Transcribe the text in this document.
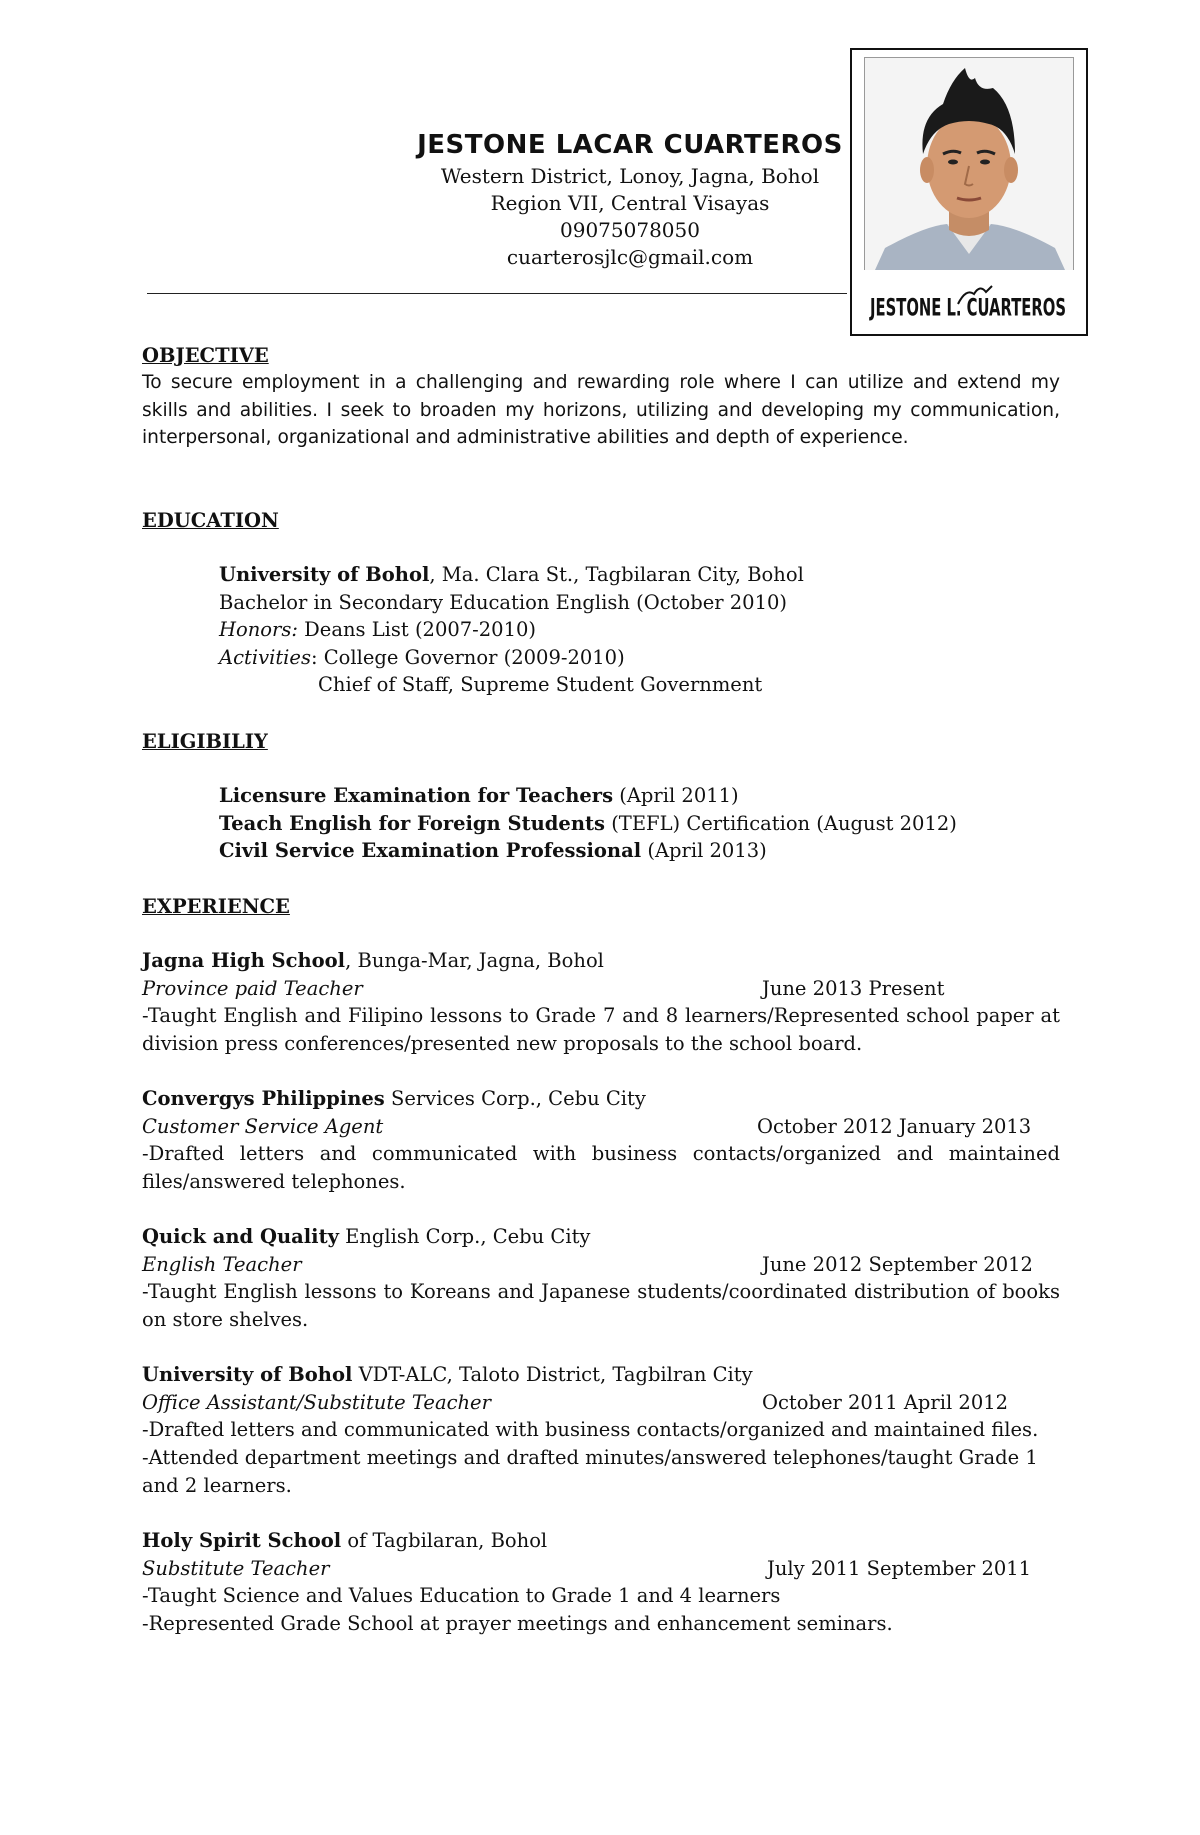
JESTONE LACAR CUARTEROS
Western District, Lonoy, Jagna, Bohol
Region VII, Central Visayas
09075078050
cuarterosjlc@gmail.com
JESTONE L. CUARTEROS
OBJECTIVE
To secure employment in a challenging and rewarding role where I can utilize and extend my skills and abilities. I seek to broaden my horizons, utilizing and developing my communication, interpersonal, organizational and administrative abilities and depth of experience.
EDUCATION
University of Bohol, Ma. Clara St., Tagbilaran City, Bohol
Bachelor in Secondary Education English (October 2010)
Honors: Deans List (2007-2010)
Activities: College Governor (2009-2010)
Chief of Staff, Supreme Student Government
ELIGIBILIY
Licensure Examination for Teachers (April 2011)
Teach English for Foreign Students (TEFL) Certification (August 2012)
Civil Service Examination Professional (April 2013)
EXPERIENCE
Jagna High School, Bunga-Mar, Jagna, Bohol
Province paid Teacher	June 2013 Present
-Taught English and Filipino lessons to Grade 7 and 8 learners/Represented school paper at division press conferences/presented new proposals to the school board.
Convergys Philippines Services Corp., Cebu City
Customer Service Agent	October 2012 January 2013
-Drafted letters and communicated with business contacts/organized and maintained files/answered telephones.
Quick and Quality English Corp., Cebu City
English Teacher	June 2012 September 2012
-Taught English lessons to Koreans and Japanese students/coordinated distribution of books on store shelves.
University of Bohol VDT-ALC, Taloto District, Tagbilran City
Office Assistant/Substitute Teacher	October 2011 April 2012
-Drafted letters and communicated with business contacts/organized and maintained files.
-Attended department meetings and drafted minutes/answered telephones/taught Grade 1 and 2 learners.
Holy Spirit School of Tagbilaran, Bohol
Substitute Teacher	July 2011 September 2011
-Taught Science and Values Education to Grade 1 and 4 learners
-Represented Grade School at prayer meetings and enhancement seminars.
